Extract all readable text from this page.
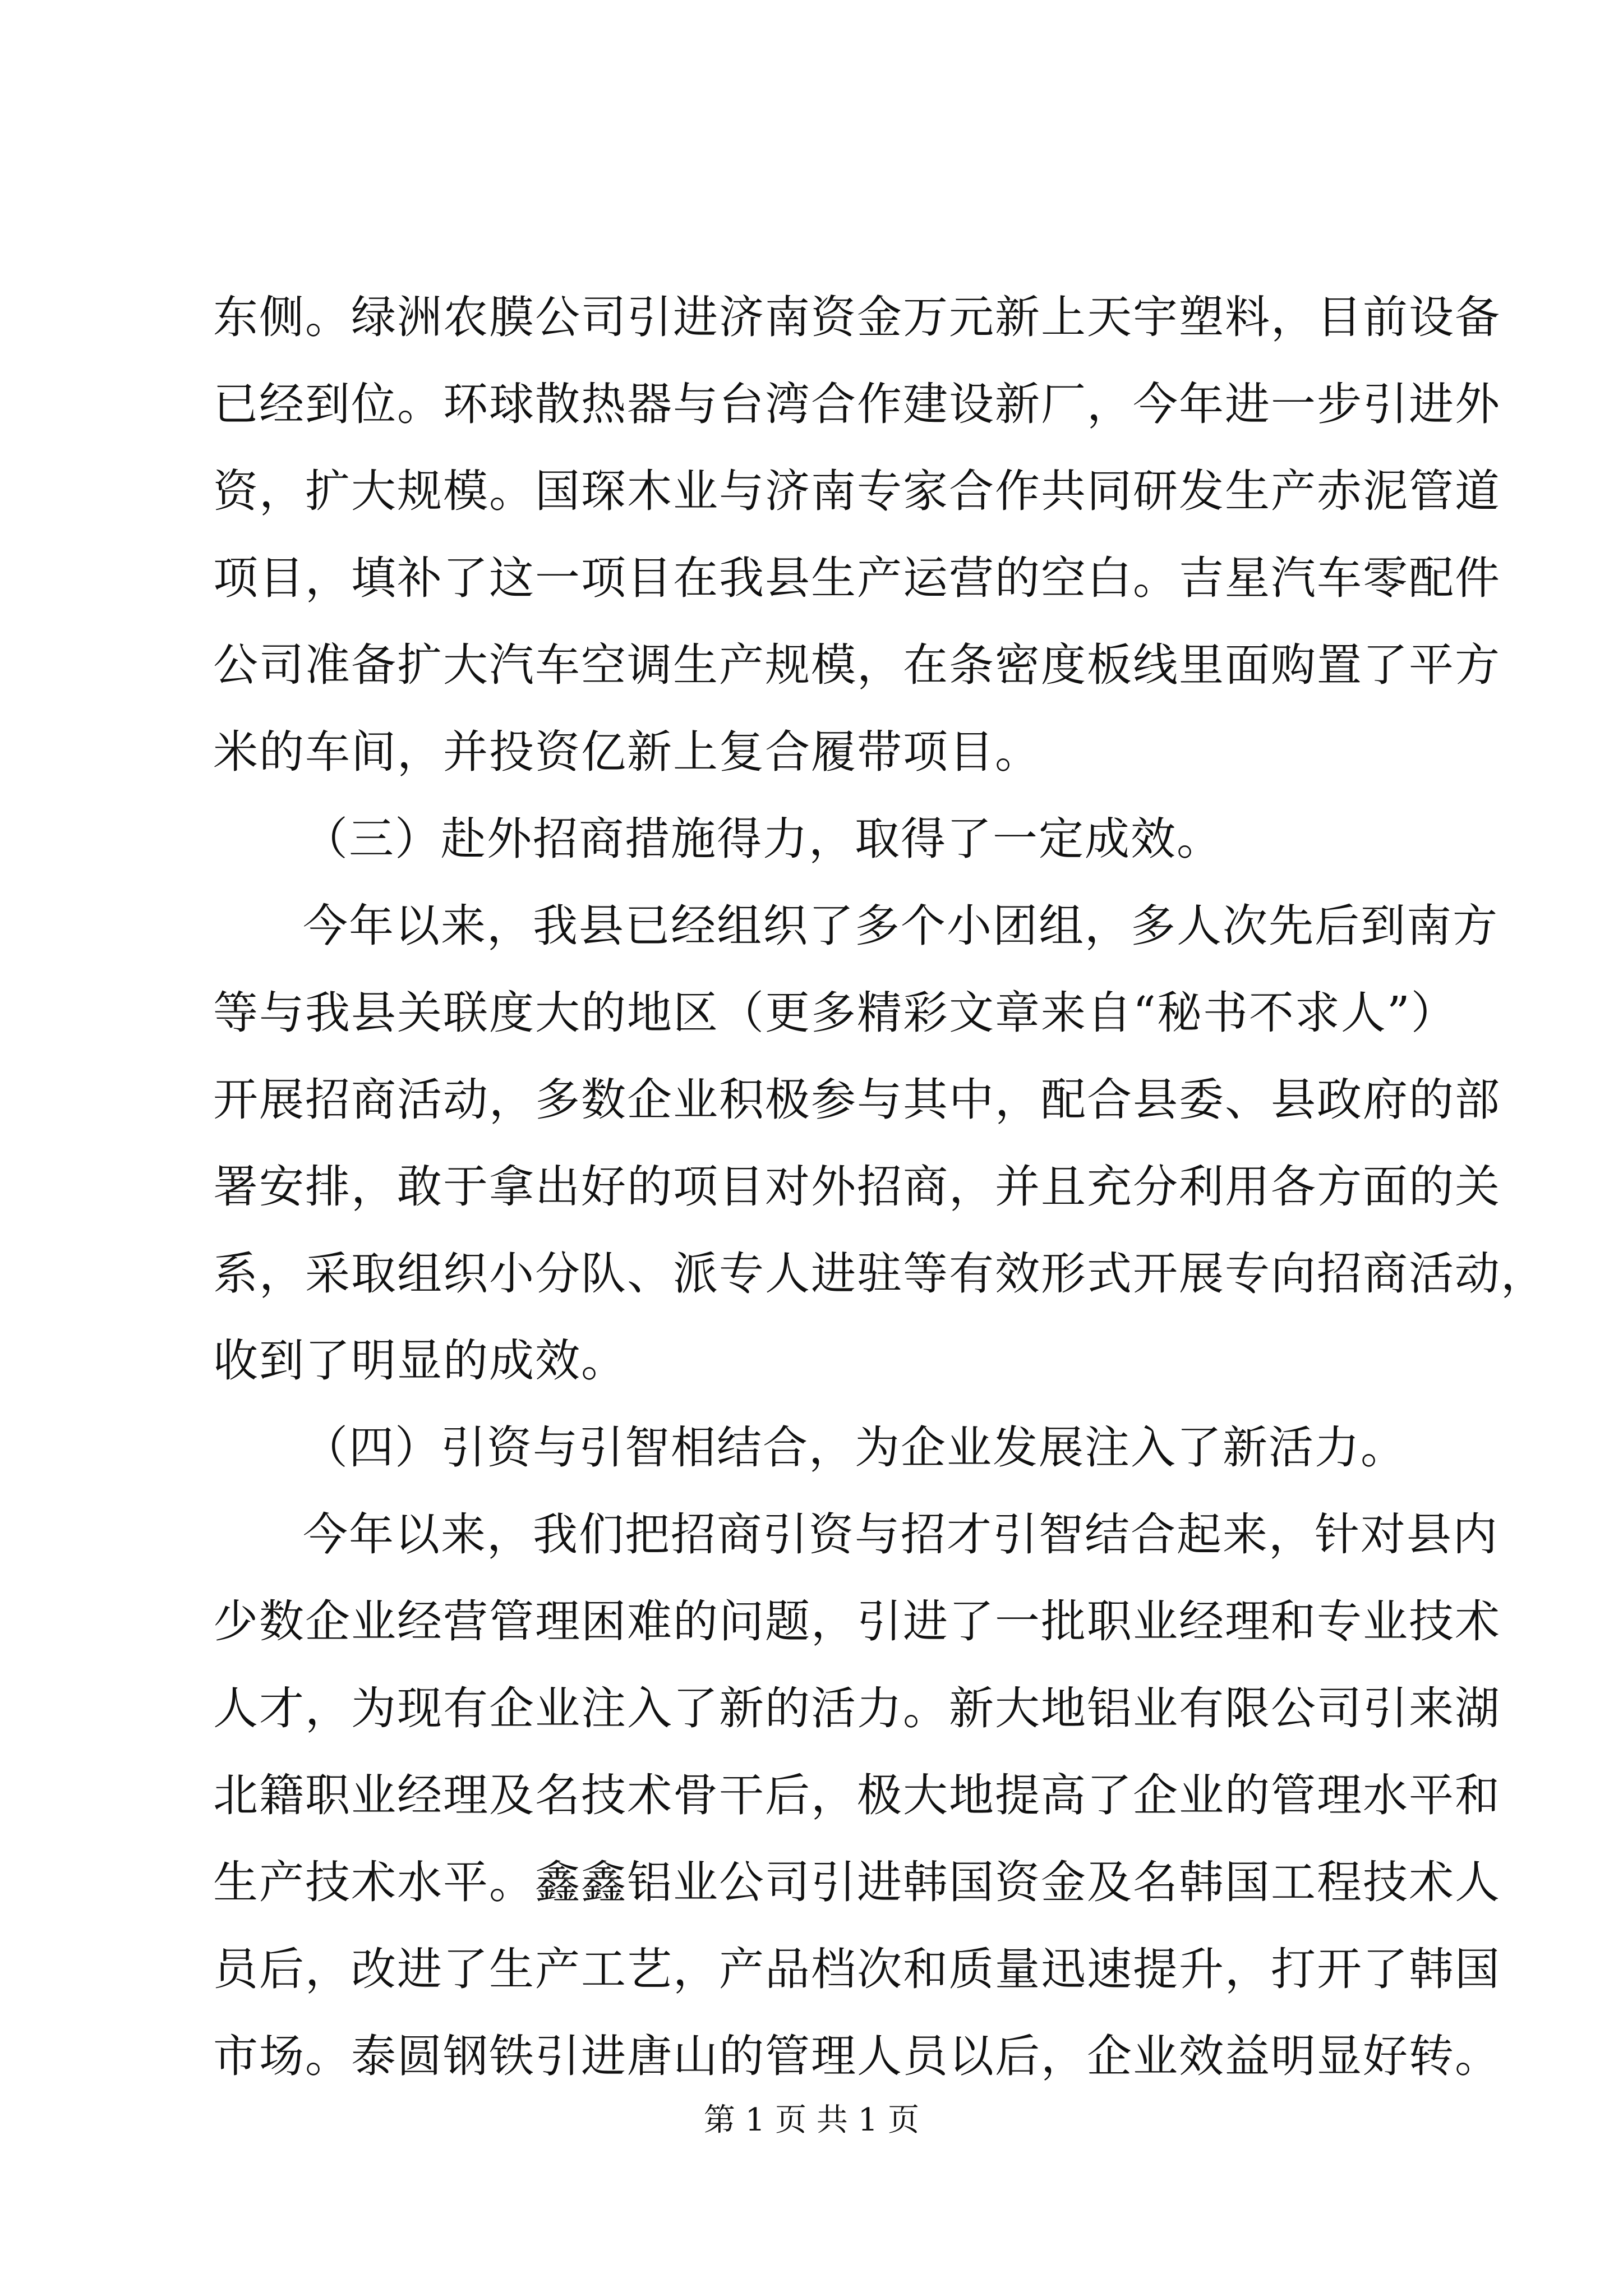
东侧。绿洲农膜公司引进济南资金万元新上天宇塑料，目前设备
已经到位。环球散热器与台湾合作建设新厂，今年进一步引进外
资，扩大规模。国琛木业与济南专家合作共同研发生产赤泥管道
项目，填补了这一项目在我县生产运营的空白。吉星汽车零配件
公司准备扩大汽车空调生产规模，在条密度板线里面购置了平方
米的车间，并投资亿新上复合履带项目。
（三）赴外招商措施得力，取得了一定成效。
今年以来，我县已经组织了多个小团组，多人次先后到南方
等与我县关联度大的地区（更多精彩文章来自“秘书不求人”）
开展招商活动，多数企业积极参与其中，配合县委、县政府的部
署安排，敢于拿出好的项目对外招商，并且充分利用各方面的关
系，采取组织小分队、派专人进驻等有效形式开展专向招商活动，
收到了明显的成效。
（四）引资与引智相结合，为企业发展注入了新活力。
今年以来，我们把招商引资与招才引智结合起来，针对县内
少数企业经营管理困难的问题，引进了一批职业经理和专业技术
人才，为现有企业注入了新的活力。新大地铝业有限公司引来湖
北籍职业经理及名技术骨干后，极大地提高了企业的管理水平和
生产技术水平。鑫鑫铝业公司引进韩国资金及名韩国工程技术人
员后，改进了生产工艺，产品档次和质量迅速提升，打开了韩国
市场。泰圆钢铁引进唐山的管理人员以后，企业效益明显好转。
第 1 页 共 1 页
